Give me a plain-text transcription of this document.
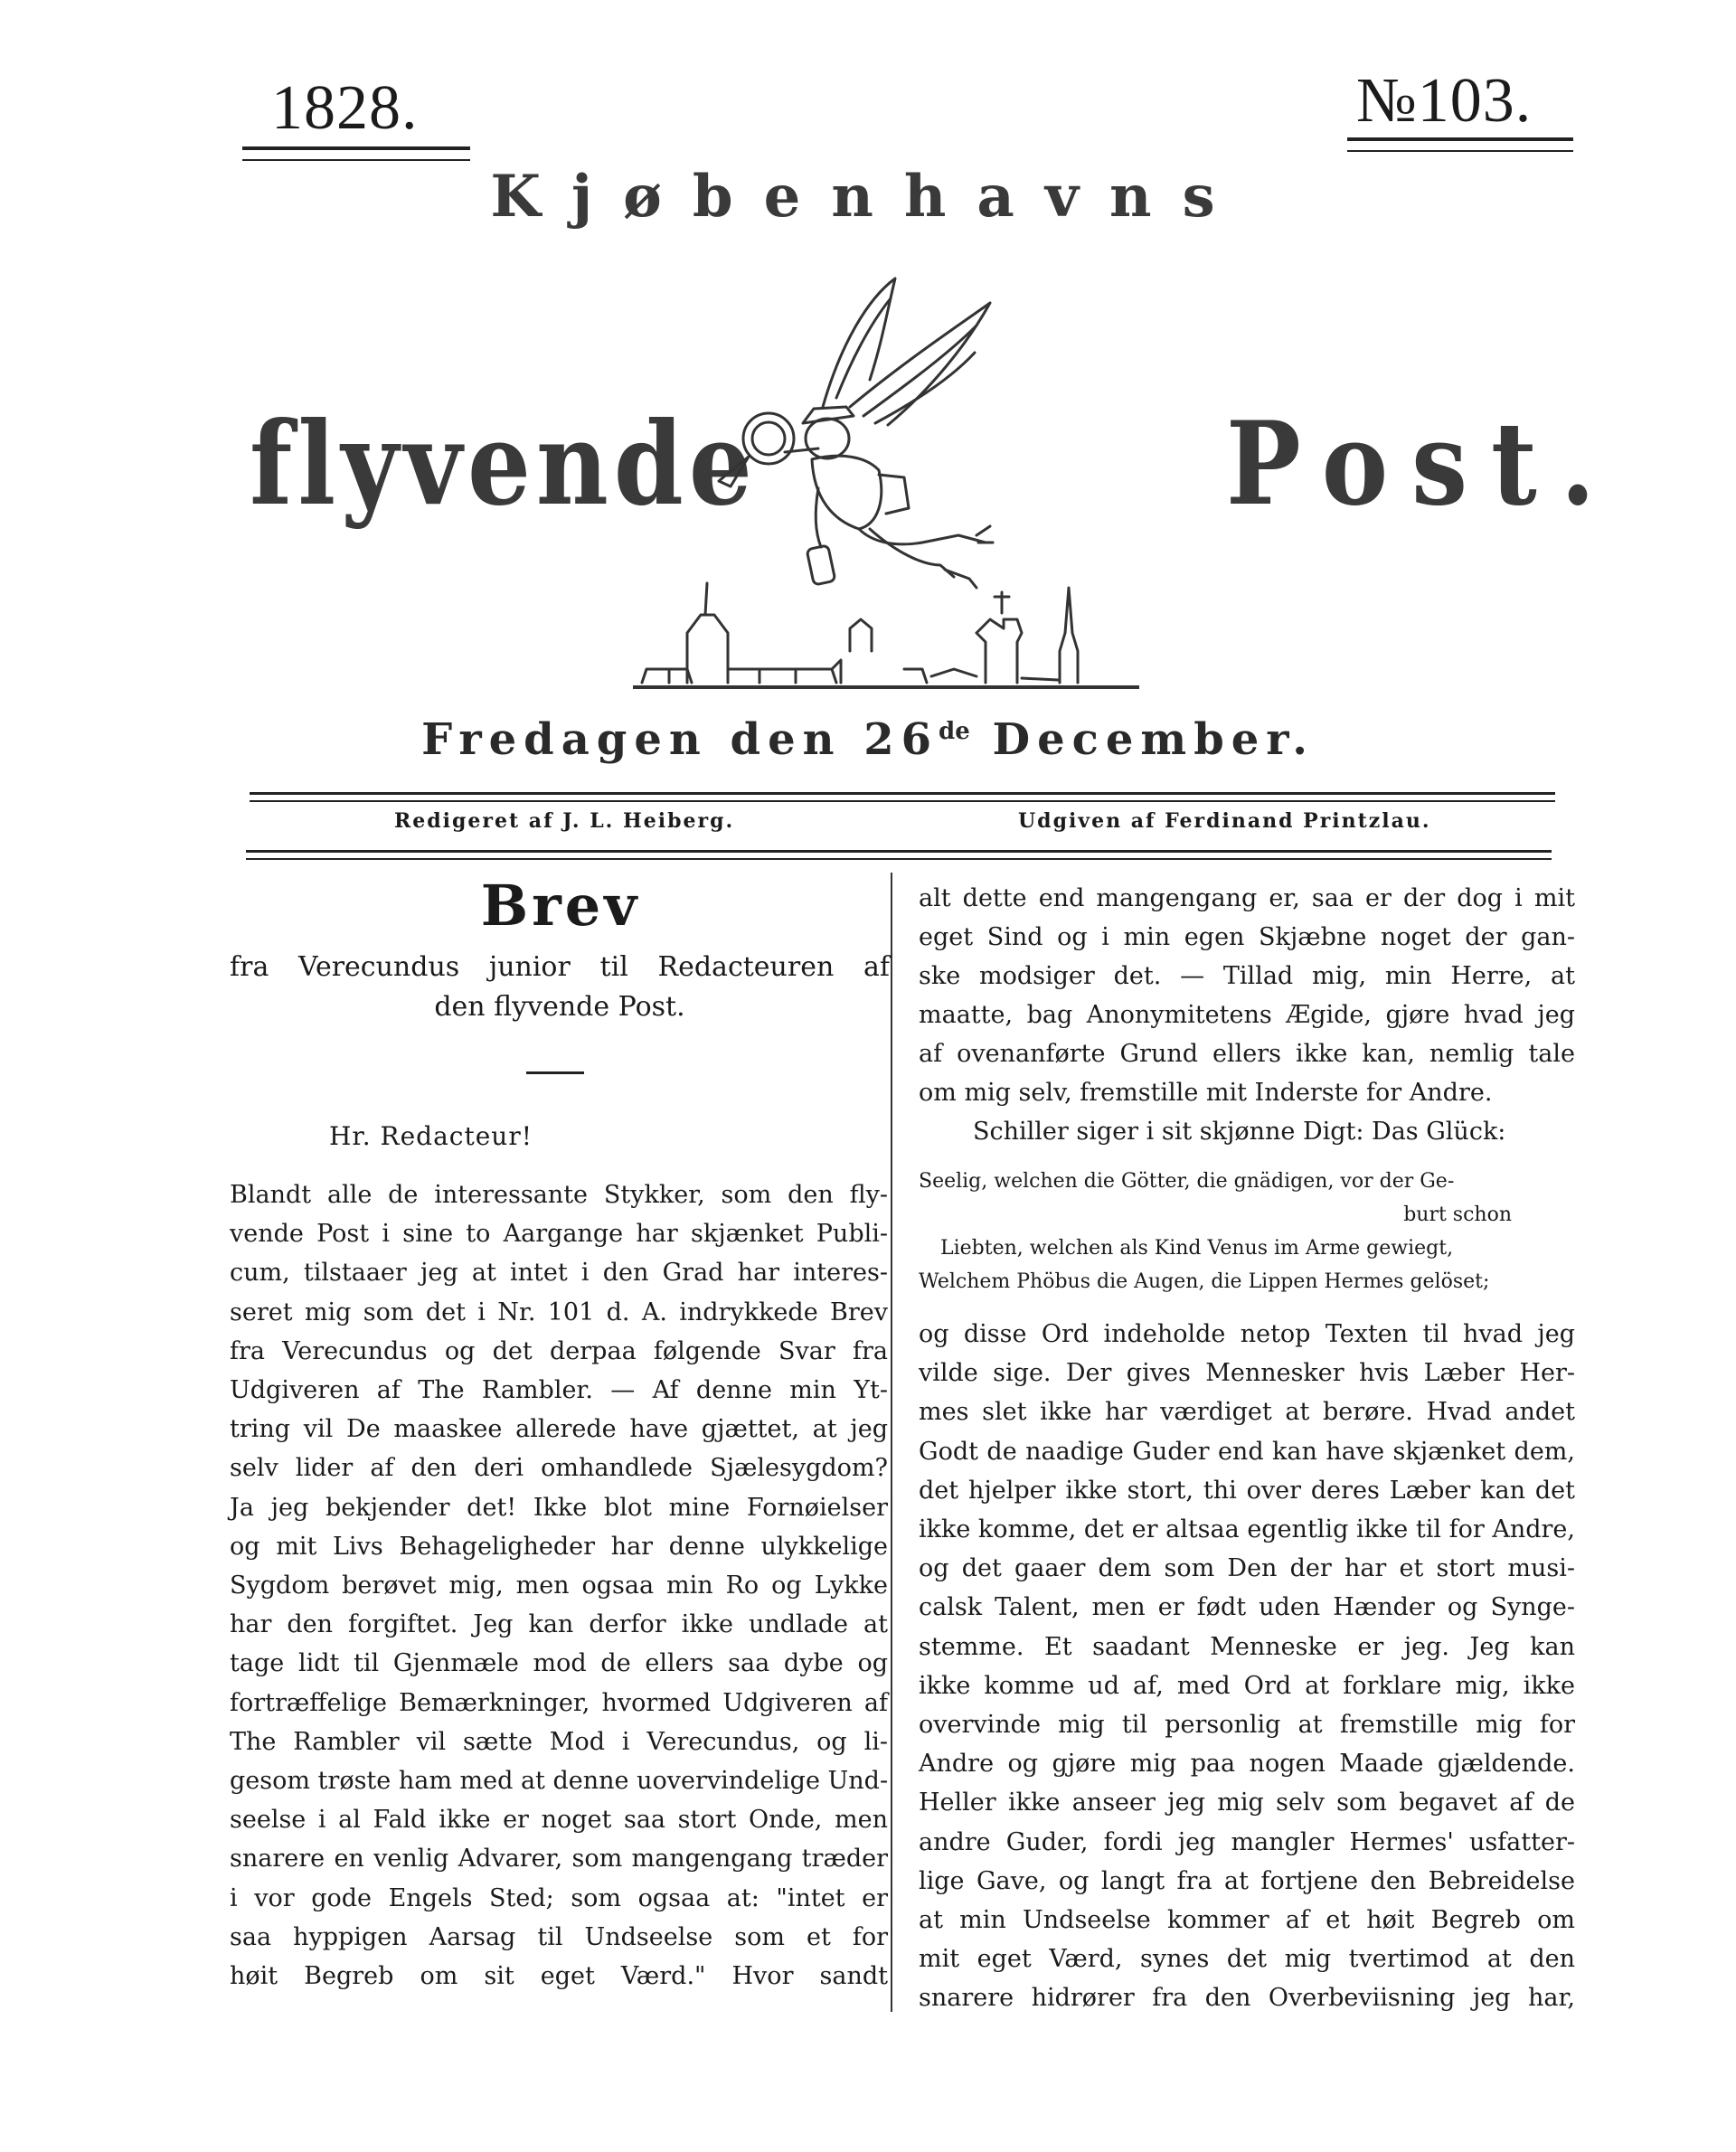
1828.	№103.
Kjøbenhavns
flyvende	Post.
Fredagen den 26de December.
Redigeret af J. L. Heiberg.	Udgiven af Ferdinand Printzlau.
Brev
fra Verecundus junior til Redacteuren af
den flyvende Post.
Hr. Redacteur!
Blandt alle de interessante Stykker, som den fly-
vende Post i sine to Aargange har skjænket Publi-
cum, tilstaaer jeg at intet i den Grad har interes-
seret mig som det i Nr. 101 d. A. indrykkede Brev
fra Verecundus og det derpaa følgende Svar fra
Udgiveren af The Rambler. — Af denne min Yt-
tring vil De maaskee allerede have gjættet, at jeg
selv lider af den deri omhandlede Sjælesygdom?
Ja jeg bekjender det! Ikke blot mine Fornøielser
og mit Livs Behageligheder har denne ulykkelige
Sygdom berøvet mig, men ogsaa min Ro og Lykke
har den forgiftet. Jeg kan derfor ikke undlade at
tage lidt til Gjenmæle mod de ellers saa dybe og
fortræffelige Bemærkninger, hvormed Udgiveren af
The Rambler vil sætte Mod i Verecundus, og li-
gesom trøste ham med at denne uovervindelige Und-
seelse i al Fald ikke er noget saa stort Onde, men
snarere en venlig Advarer, som mangengang træder
i vor gode Engels Sted; som ogsaa at: "intet er
saa hyppigen Aarsag til Undseelse som et for
høit Begreb om sit eget Værd." Hvor sandt
alt dette end mangengang er, saa er der dog i mit
eget Sind og i min egen Skjæbne noget der gan-
ske modsiger det. — Tillad mig, min Herre, at
maatte, bag Anonymitetens Ægide, gjøre hvad jeg
af ovenanførte Grund ellers ikke kan, nemlig tale
om mig selv, fremstille mit Inderste for Andre.
Schiller siger i sit skjønne Digt: Das Glück:
Seelig, welchen die Götter, die gnädigen, vor der Ge-
burt schon
Liebten, welchen als Kind Venus im Arme gewiegt,
Welchem Phöbus die Augen, die Lippen Hermes gelöset;
og disse Ord indeholde netop Texten til hvad jeg
vilde sige. Der gives Mennesker hvis Læber Her-
mes slet ikke har værdiget at berøre. Hvad andet
Godt de naadige Guder end kan have skjænket dem,
det hjelper ikke stort, thi over deres Læber kan det
ikke komme, det er altsaa egentlig ikke til for Andre,
og det gaaer dem som Den der har et stort musi-
calsk Talent, men er født uden Hænder og Synge-
stemme. Et saadant Menneske er jeg. Jeg kan
ikke komme ud af, med Ord at forklare mig, ikke
overvinde mig til personlig at fremstille mig for
Andre og gjøre mig paa nogen Maade gjældende.
Heller ikke anseer jeg mig selv som begavet af de
andre Guder, fordi jeg mangler Hermes' usfatter-
lige Gave, og langt fra at fortjene den Bebreidelse
at min Undseelse kommer af et høit Begreb om
mit eget Værd, synes det mig tvertimod at den
snarere hidrører fra den Overbeviisning jeg har,
